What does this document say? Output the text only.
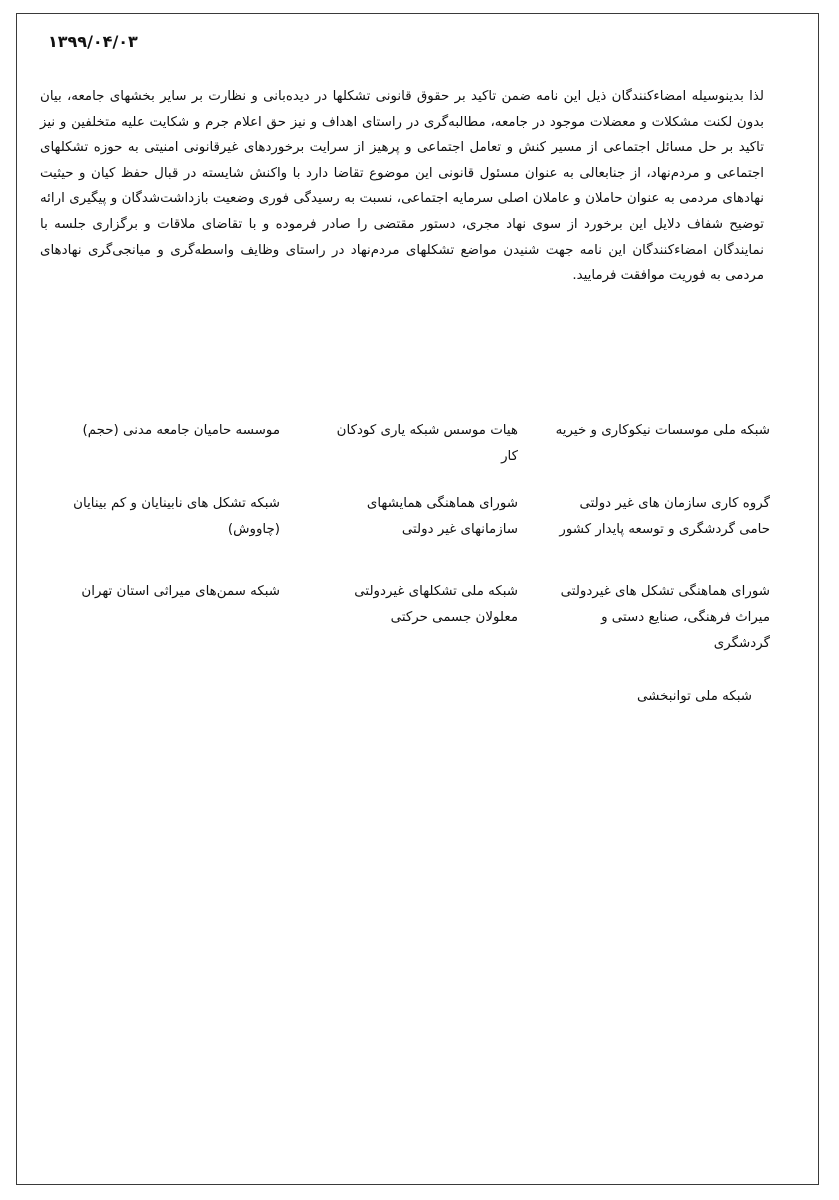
۱۳۹۹/۰۴/۰۳

لذا بدینوسیله امضاءکنندگان ذیل این نامه ضمن تاکید بر حقوق قانونی تشکلها در دیده‌بانی و نظارت بر سایر بخشهای جامعه، بیان بدون لکنت مشکلات و معضلات موجود در جامعه، مطالبه‌گری در راستای اهداف و نیز حق اعلام جرم و شکایت علیه متخلفین و نیز تاکید بر حل مسائل اجتماعی از مسیر کنش و تعامل اجتماعی و پرهیز از سرایت برخوردهای غیرقانونی امنیتی به حوزه تشکلهای اجتماعی و مردم‌نهاد، از جنابعالی به عنوان مسئول قانونی این موضوع تقاضا دارد با واکنش شایسته در قبال حفظ کیان و حیثیت نهادهای مردمی به عنوان حاملان و عاملان اصلی سرمایه اجتماعی، نسبت به رسیدگی فوری وضعیت بازداشت‌شدگان و پیگیری ارائه توضیح شفاف دلایل این برخورد از سوی نهاد مجری، دستور مقتضی را صادر فرموده و با تقاضای ملاقات و برگزاری جلسه با نمایندگان امضاءکنندگان این نامه جهت شنیدن مواضع تشکلهای مردم‌نهاد در راستای وظایف واسطه‌گری و میانجی‌گری نهادهای مردمی به فوریت موافقت فرمایید.

شبکه ملی موسسات نیکوکاری و خیریه
هیات موسس شبکه یاری کودکان کار
موسسه حامیان جامعه مدنی (حجم)
گروه کاری سازمان های غیر دولتی حامی گردشگری و توسعه پایدار کشور
شورای هماهنگی همایشهای سازمانهای غیر دولتی
شبکه تشکل های نابینایان و کم بینایان (چاووش)
شورای هماهنگی تشکل های غیردولتی میراث فرهنگی، صنایع دستی و گردشگری
شبکه ملی تشکلهای غیردولتی معلولان جسمی حرکتی
شبکه سمن‌های میراثی استان تهران
شبکه ملی توانبخشی
